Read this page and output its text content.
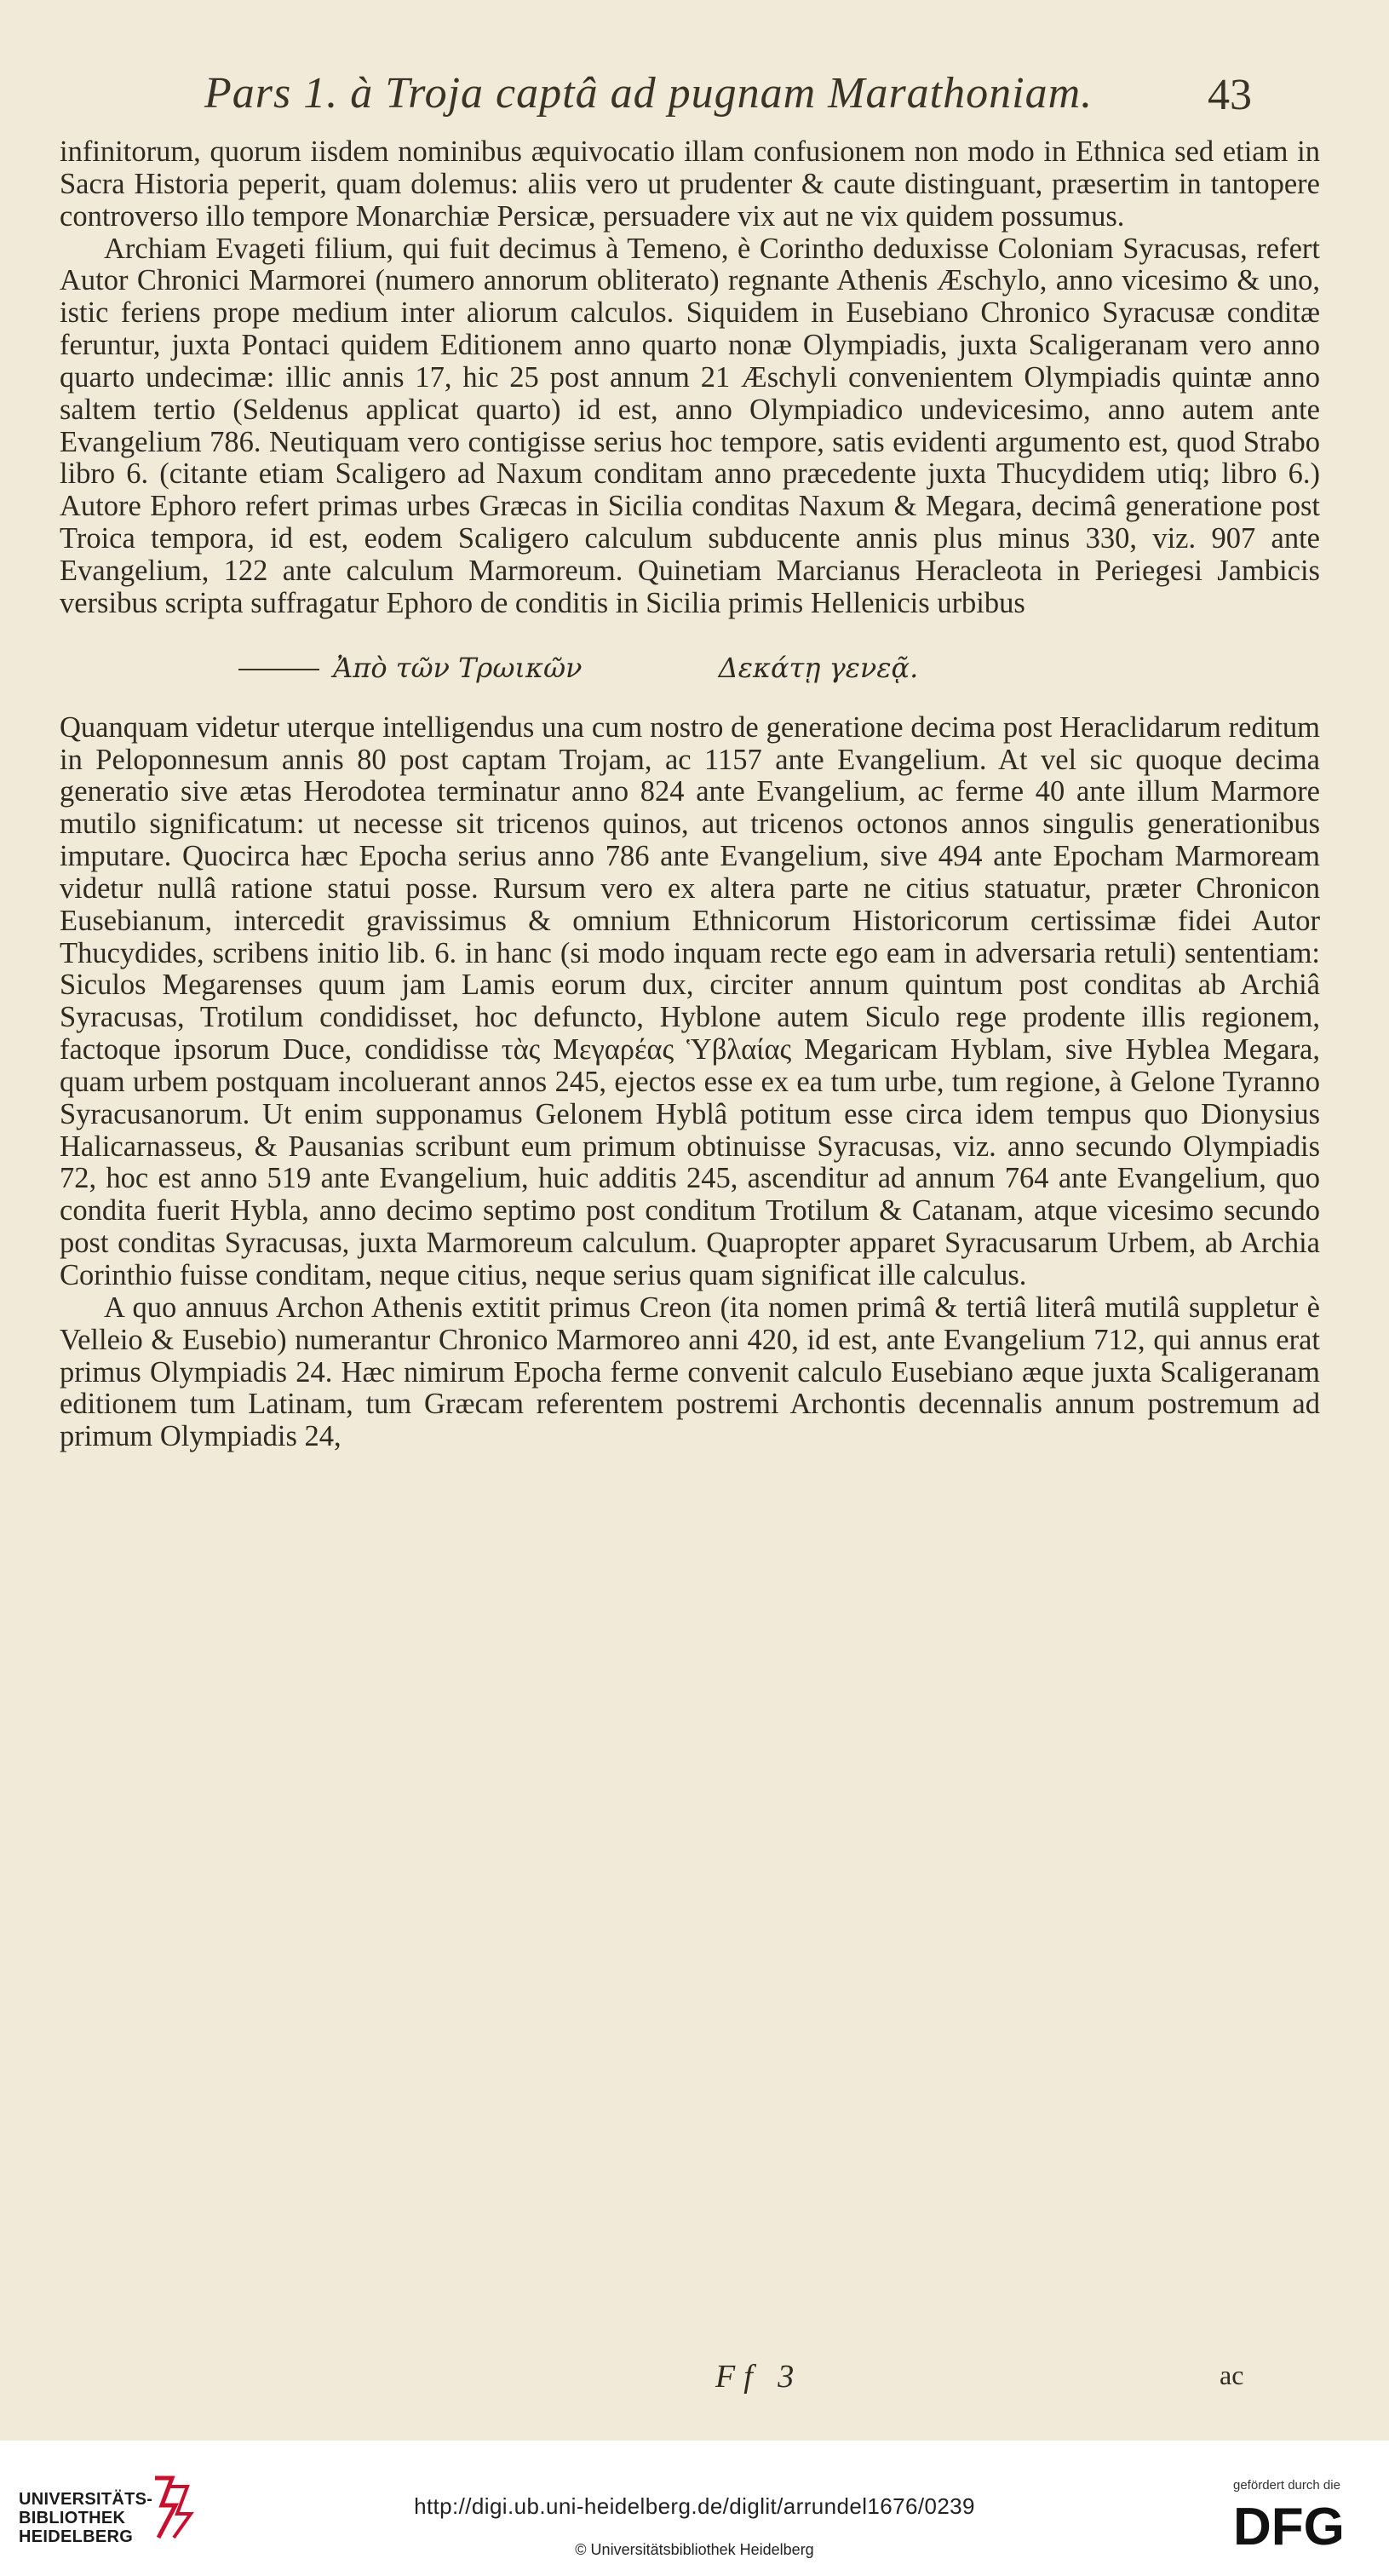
Pars 1. à Troja captâ ad pugnam Marathoniam.	43

infinitorum, quorum iisdem nominibus æquivocatio illam confusionem non modo in Ethnica sed etiam in Sacra Historia peperit, quam dolemus: aliis vero ut prudenter & caute distinguant, præsertim in tantopere controverso illo tempore Monarchiæ Persicæ, persuadere vix aut ne vix quidem possumus.

Archiam Evageti filium, qui fuit decimus à Temeno, è Corintho deduxisse Coloniam Syracusas, refert Autor Chronici Marmorei (numero annorum obliterato) regnante Athenis Æschylo, anno vicesimo & uno, istic feriens prope medium inter aliorum calculos. Siquidem in Eusebiano Chronico Syracusæ conditæ feruntur, juxta Pontaci quidem Editionem anno quarto nonæ Olympiadis, juxta Scaligeranam vero anno quarto undecimæ: illic annis 17, hic 25 post annum 21 Æschyli convenientem Olympiadis quintæ anno saltem tertio (Seldenus applicat quarto) id est, anno Olympiadico undevicesimo, anno autem ante Evangelium 786. Neutiquam vero contigisse serius hoc tempore, satis evidenti argumento est, quod Strabo libro 6. (citante etiam Scaligero ad Naxum conditam anno præcedente juxta Thucydidem utiq; libro 6.) Autore Ephoro refert primas urbes Græcas in Sicilia conditas Naxum & Megara, decimâ generatione post Troica tempora, id est, eodem Scaligero calculum subducente annis plus minus 330, viz. 907 ante Evangelium, 122 ante calculum Marmoreum. Quinetiam Marcianus Heracleota in Periegesi Jambicis versibus scripta suffragatur Ephoro de conditis in Sicilia primis Hellenicis urbibus

Ἀπὸ τῶν Τρωικῶν	Δεκάτῃ γενεᾷ.

Quanquam videtur uterque intelligendus una cum nostro de generatione decima post Heraclidarum reditum in Peloponnesum annis 80 post captam Trojam, ac 1157 ante Evangelium. At vel sic quoque decima generatio sive ætas Herodotea terminatur anno 824 ante Evangelium, ac ferme 40 ante illum Marmore mutilo significatum: ut necesse sit tricenos quinos, aut tricenos octonos annos singulis generationibus imputare. Quocirca hæc Epocha serius anno 786 ante Evangelium, sive 494 ante Epocham Marmoream videtur nullâ ratione statui posse. Rursum vero ex altera parte ne citius statuatur, præter Chronicon Eusebianum, intercedit gravissimus & omnium Ethnicorum Historicorum certissimæ fidei Autor Thucydides, scribens initio lib. 6. in hanc (si modo inquam recte ego eam in adversaria retuli) sententiam: Siculos Megarenses quum jam Lamis eorum dux, circiter annum quintum post conditas ab Archiâ Syracusas, Trotilum condidisset, hoc defuncto, Hyblone autem Siculo rege prodente illis regionem, factoque ipsorum Duce, condidisse τὰς Μεγαρέας Ὑβλαίας Megaricam Hyblam, sive Hyblea Megara, quam urbem postquam incoluerant annos 245, ejectos esse ex ea tum urbe, tum regione, à Gelone Tyranno Syracusanorum. Ut enim supponamus Gelonem Hyblâ potitum esse circa idem tempus quo Dionysius Halicarnasseus, & Pausanias scribunt eum primum obtinuisse Syracusas, viz. anno secundo Olympiadis 72, hoc est anno 519 ante Evangelium, huic additis 245, ascenditur ad annum 764 ante Evangelium, quo condita fuerit Hybla, anno decimo septimo post conditum Trotilum & Catanam, atque vicesimo secundo post conditas Syracusas, juxta Marmoreum calculum. Quapropter apparet Syracusarum Urbem, ab Archia Corinthio fuisse conditam, neque citius, neque serius quam significat ille calculus.

A quo annuus Archon Athenis extitit primus Creon (ita nomen primâ & tertiâ literâ mutilâ suppletur è Velleio & Eusebio) numerantur Chronico Marmoreo anni 420, id est, ante Evangelium 712, qui annus erat primus Olympiadis 24. Hæc nimirum Epocha ferme convenit calculo Eusebiano æque juxta Scaligeranam editionem tum Latinam, tum Græcam referentem postremi Archontis decennalis annum postremum ad primum Olympiadis 24,

Ff 3	ac
UNIVERSITÄTS-
BIBLIOTHEK
HEIDELBERG
http://digi.ub.uni-heidelberg.de/diglit/arrundel1676/0239
© Universitätsbibliothek Heidelberg
gefördert durch die
DFG
